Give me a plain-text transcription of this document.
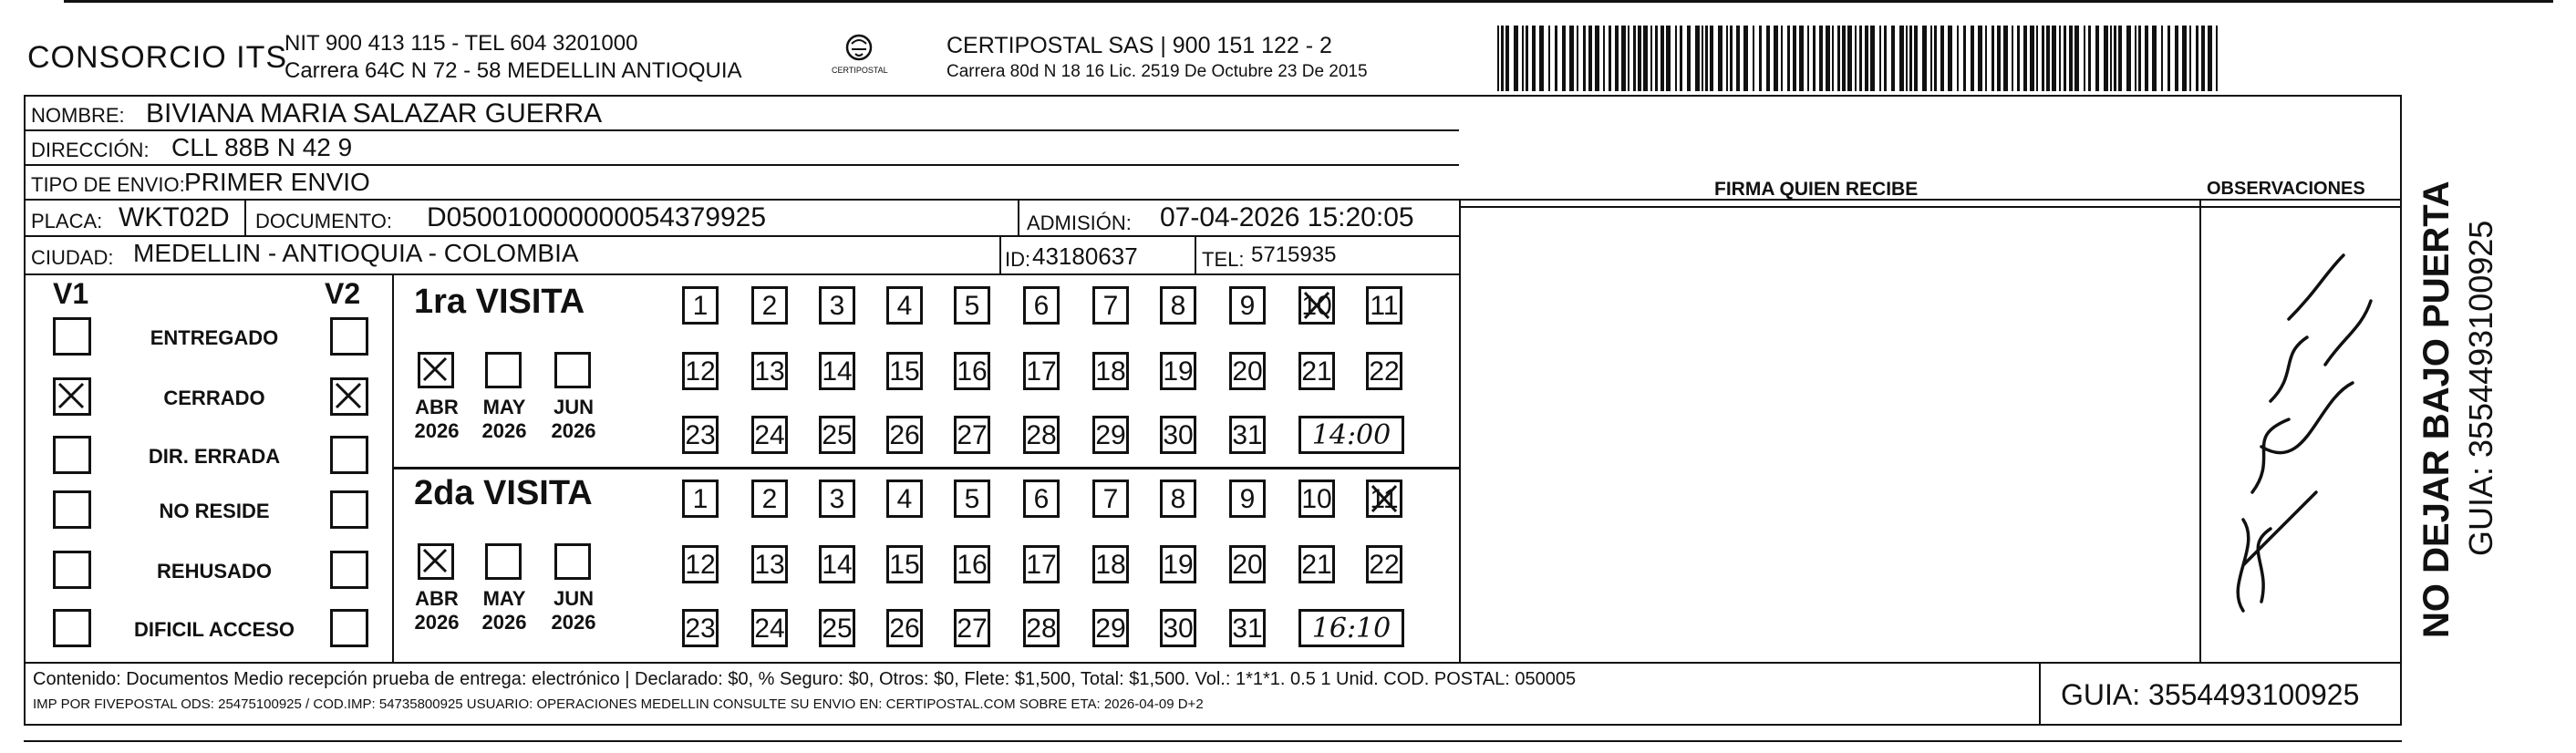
CONSORCIO ITS
NIT 900 413 115 - TEL 604 3201000
Carrera 64C N 72 - 58 MEDELLIN ANTIOQUIA	CERTIPOSTAL
CERTIPOSTAL SAS | 900 151 122 - 2
Carrera 80d N 18 16 Lic. 2519 De Octubre 23 De 2015
NOMBRE: BIVIANA MARIA SALAZAR GUERRA
DIRECCIÓN: CLL 88B N 42 9
TIPO DE ENVIO: PRIMER ENVIO	FIRMA QUIEN RECIBE	OBSERVACIONES
PLACA: WKT02D DOCUMENTO: D050010000000054379925	ADMISIÓN: 07-04-2026 15:20:05
CIUDAD: MEDELLIN - ANTIOQUIA - COLOMBIA	ID: 43180637	TEL: 5715935
V1	V2
ENTREGADO
CERRADO
DIR. ERRADA
NO RESIDE
REHUSADO
DIFICIL ACCESO
1ra VISITA
2da VISITA
ABR
2026
MAY
2026
JUN
2026
ABR
2026
MAY
2026
JUN
2026
1	2	3	4	5	6	7	8	9	10 11
12 13 14 15 16 17 18 19 20 21 22
23 24 25 26 27 28 29 30 31	14:00
1	2	3	4	5	6	7	8	9	10 11
12 13 14 15 16 17 18 19 20 21 22
23 24 25 26 27 28 29 30 31	16:10
Contenido: Documentos Medio recepción prueba de entrega: electrónico | Declarado: $0, % Seguro: $0, Otros: $0, Flete: $1,500, Total: $1,500. Vol.: 1*1*1. 0.5 1 Unid. COD. POSTAL: 050005
IMP POR FIVEPOSTAL ODS: 25475100925 / COD.IMP: 54735800925 USUARIO: OPERACIONES MEDELLIN CONSULTE SU ENVIO EN: CERTIPOSTAL.COM SOBRE ETA: 2026-04-09 D+2	GUIA: 3554493100925
NO DEJAR BAJO PUERTA GUIA: 3554493100925
